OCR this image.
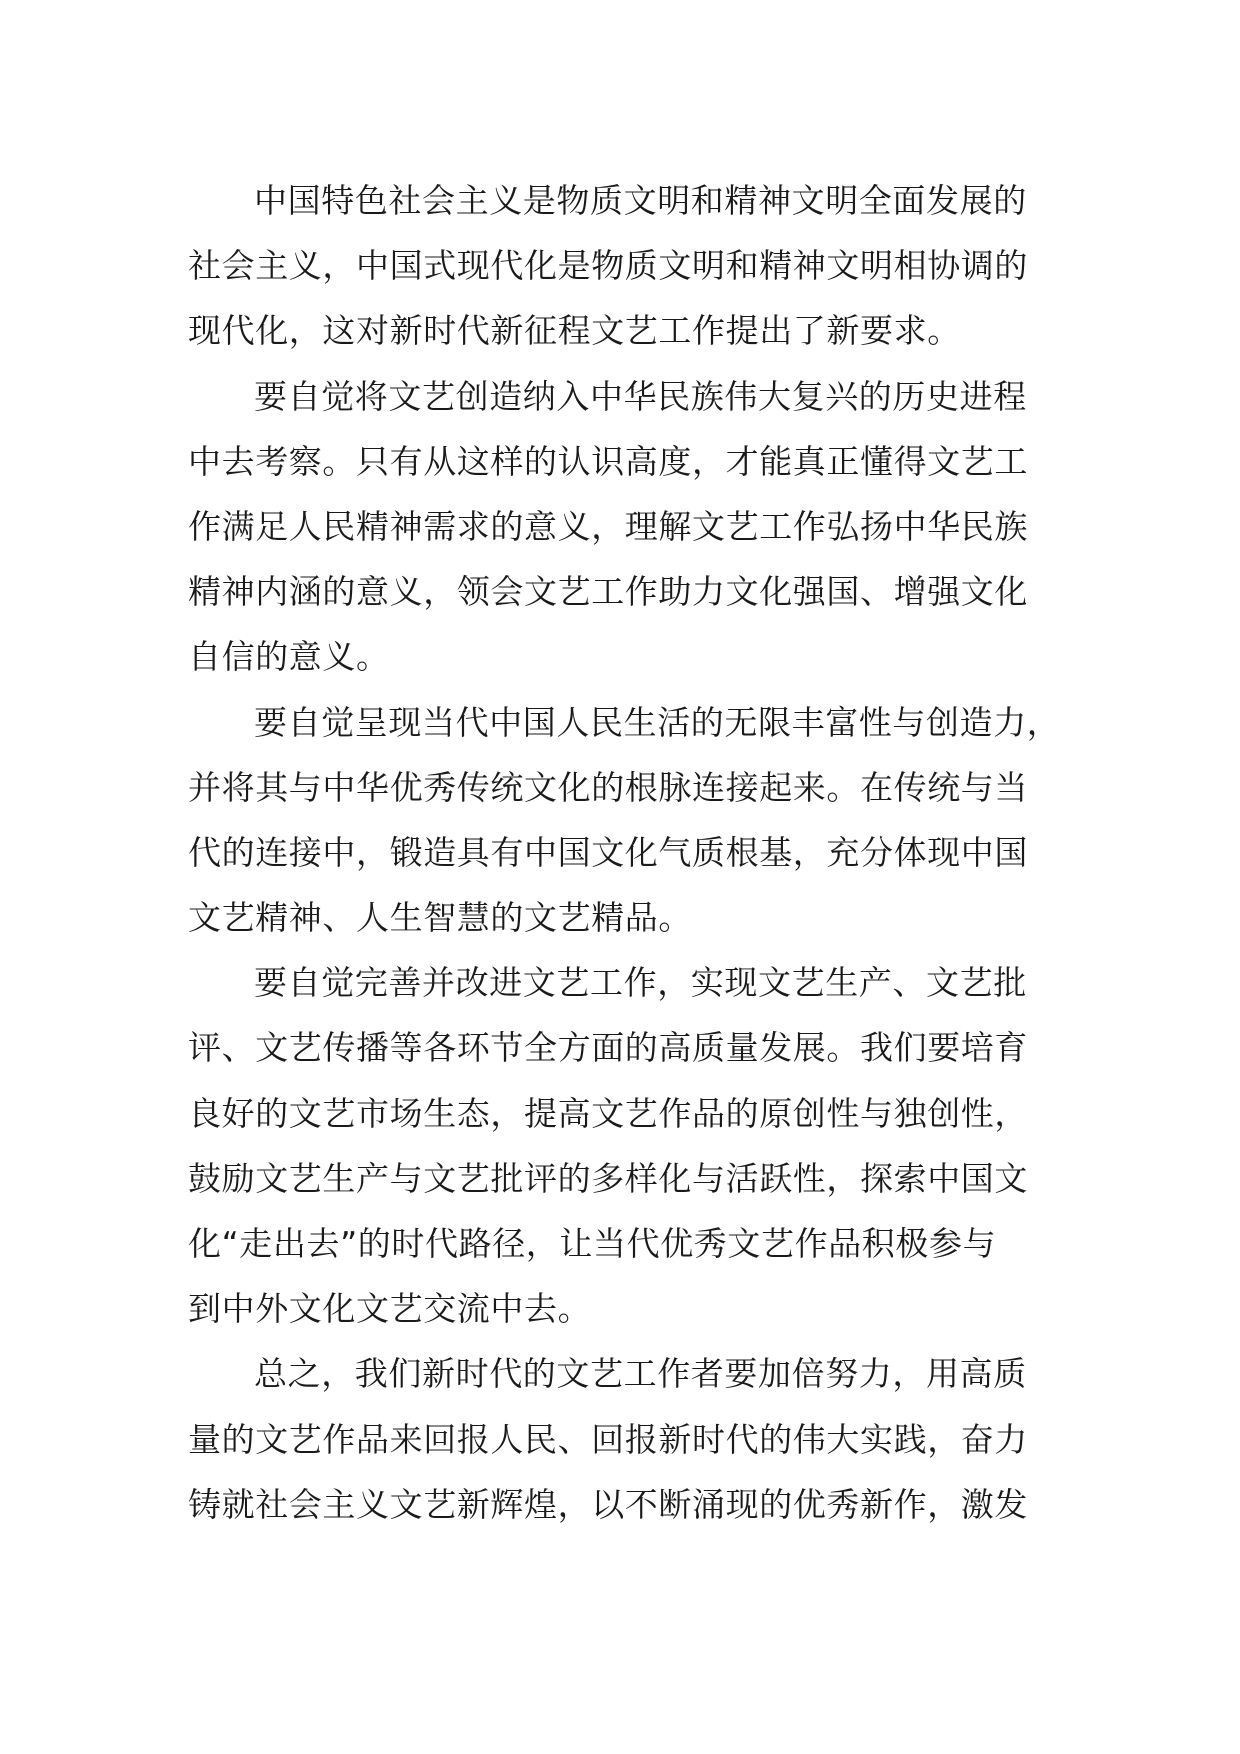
中国特色社会主义是物质文明和精神文明全面发展的
社会主义，中国式现代化是物质文明和精神文明相协调的
现代化，这对新时代新征程文艺工作提出了新要求。

要自觉将文艺创造纳入中华民族伟大复兴的历史进程
中去考察。只有从这样的认识高度，才能真正懂得文艺工
作满足人民精神需求的意义，理解文艺工作弘扬中华民族
精神内涵的意义，领会文艺工作助力文化强国、增强文化
自信的意义。

要自觉呈现当代中国人民生活的无限丰富性与创造力，
并将其与中华优秀传统文化的根脉连接起来。在传统与当
代的连接中，锻造具有中国文化气质根基，充分体现中国
文艺精神、人生智慧的文艺精品。

要自觉完善并改进文艺工作，实现文艺生产、文艺批
评、文艺传播等各环节全方面的高质量发展。我们要培育
良好的文艺市场生态，提高文艺作品的原创性与独创性，
鼓励文艺生产与文艺批评的多样化与活跃性，探索中国文
化“走出去”的时代路径，让当代优秀文艺作品积极参与
到中外文化文艺交流中去。

总之，我们新时代的文艺工作者要加倍努力，用高质
量的文艺作品来回报人民、回报新时代的伟大实践，奋力
铸就社会主义文艺新辉煌，以不断涌现的优秀新作，激发
